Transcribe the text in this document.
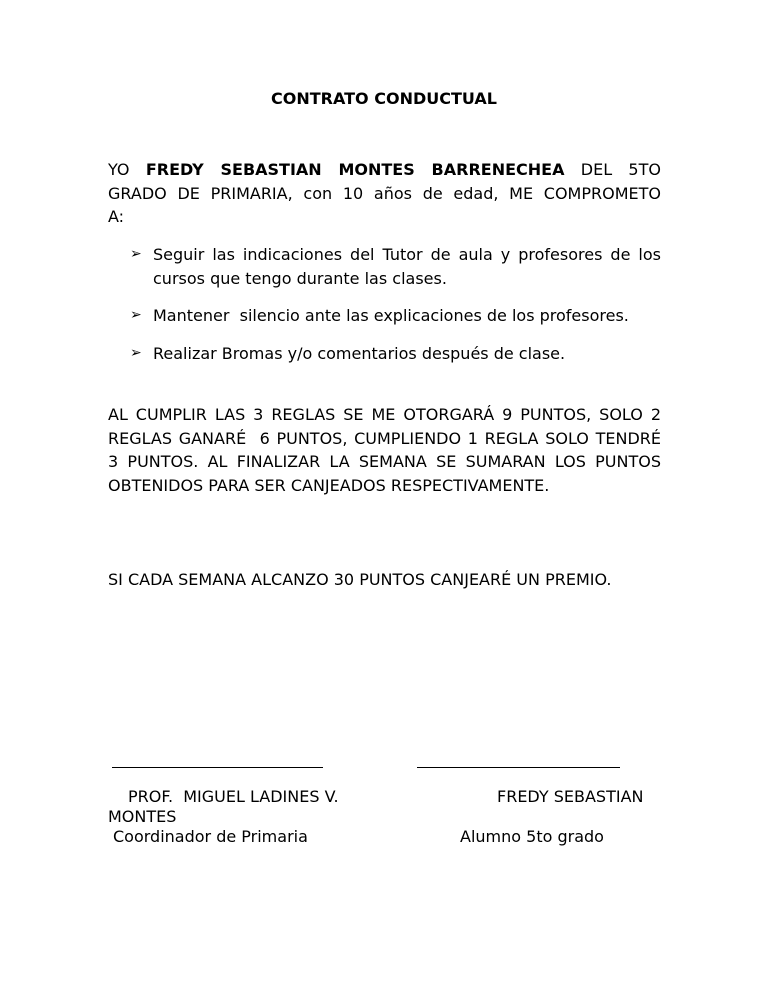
CONTRATO CONDUCTUAL
YO FREDY SEBASTIAN MONTES BARRENECHEA DEL 5TO
GRADO DE PRIMARIA, con 10 años de edad, ME COMPROMETO
A:
➢ Seguir las indicaciones del Tutor de aula y profesores de los cursos que tengo durante las clases.
➢ Mantener  silencio ante las explicaciones de los profesores.
➢ Realizar Bromas y/o comentarios después de clase.
AL CUMPLIR LAS 3 REGLAS SE ME OTORGARÁ 9 PUNTOS, SOLO 2 REGLAS GANARÉ  6 PUNTOS, CUMPLIENDO 1 REGLA SOLO TENDRÉ 3 PUNTOS. AL FINALIZAR LA SEMANA SE SUMARAN LOS PUNTOS OBTENIDOS PARA SER CANJEADOS RESPECTIVAMENTE.
SI CADA SEMANA ALCANZO 30 PUNTOS CANJEARÉ UN PREMIO.
PROF.  MIGUEL LADINES V.	FREDY SEBASTIAN
MONTES
Coordinador de Primaria	Alumno 5to grado
